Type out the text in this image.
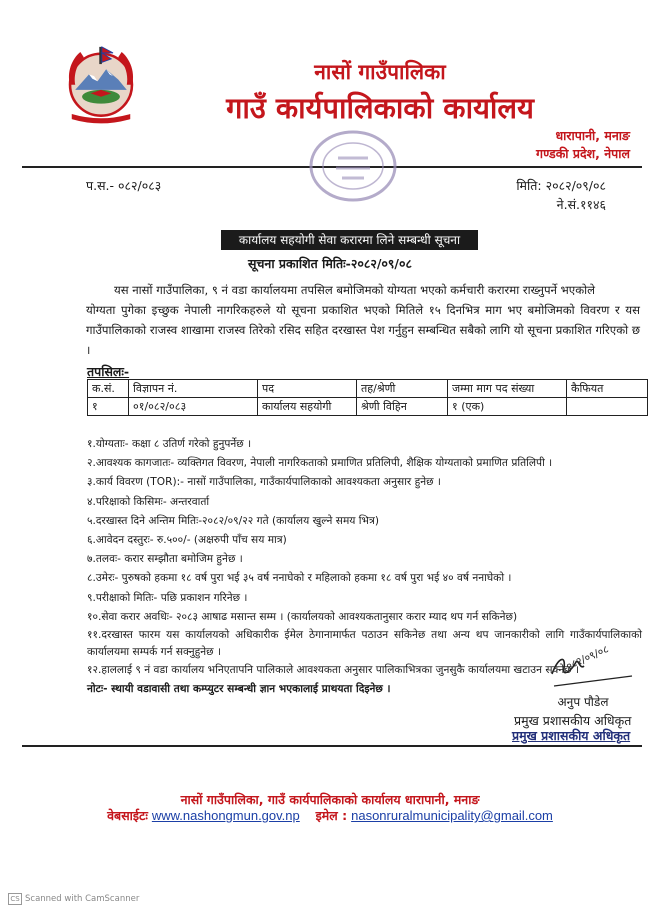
नासों गाउँपालिका
गाउँ कार्यपालिकाको कार्यालय
धारापानी, मनाङ
गण्डकी प्रदेश, नेपाल
प.स.- ०८२/०८३	मिति: २०८२/०९/०८
ने.सं.११४६
कार्यालय सहयोगी सेवा करारमा लिने सम्बन्धी सूचना
सूचना प्रकाशित मितिः-२०८२/०९/०८
यस नासों गाउँपालिका, ९ नं वडा कार्यालयमा तपसिल बमोजिमको योग्यता भएको कर्मचारी करारमा राख्नुपर्ने भएकोले
योग्यता पुगेका इच्छुक नेपाली नागरिकहरुले यो सूचना प्रकाशित भएको मितिले १५ दिनभित्र माग भए बमोजिमको विवरण र यस गाउँपालिकाको राजस्व शाखामा राजस्व तिरेको रसिद सहित दरखास्त पेश गर्नुहुन सम्बन्धित सबैको लागि यो सूचना प्रकाशित गरिएको छ ।
तपसिलः-
क.सं.	विज्ञापन नं.	पद	तह/श्रेणी	जम्मा माग पद संख्या	कैफियत
१	०१/०८२/०८३	कार्यालय सहयोगी	श्रेणी विहिन	१ (एक)	
१.योग्यताः- कक्षा ८ उतिर्ण गरेको हुनुपर्नेछ ।
२.आवश्यक कागजातः- व्यक्तिगत विवरण, नेपाली नागरिकताको प्रमाणित प्रतिलिपी, शैक्षिक योग्यताको प्रमाणित प्रतिलिपी ।
३.कार्य विवरण (TOR):- नासों गाउँपालिका, गाउँकार्यपालिकाको आवश्यकता अनुसार हुनेछ ।
४.परिक्षाको किसिमः- अन्तरवार्ता
५.दरखास्त दिने अन्तिम मितिः-२०८२/०९/२२ गते (कार्यालय खुल्ने समय भित्र)
६.आवेदन दस्तुरः- रु.५००/- (अक्षरुपी पाँच सय मात्र)
७.तलवः- करार सम्झौता बमोजिम हुनेछ ।
८.उमेरः- पुरुषको हकमा १८ वर्ष पुरा भई ३५ वर्ष ननाघेको र महिलाको हकमा १८ वर्ष पुरा भई ४० वर्ष ननाघेको ।
९.परीक्षाको मितिः- पछि प्रकाशन गरिनेछ ।
१०.सेवा करार अवधिः- २०८३ आषाढ मसान्त सम्म । (कार्यालयको आवश्यकतानुसार करार म्याद थप गर्न सकिनेछ)
११.दरखास्त फारम यस कार्यालयको अधिकारीक ईमेल ठेगानामार्फत पठाउन सकिनेछ तथा अन्य थप जानकारीको लागि गाउँकार्यपालिकाको कार्यालयमा सम्पर्क गर्न सक्नुहुनेछ ।
१२.हाललाई ९ नं वडा कार्यालय भनिएतापनि पालिकाले आवश्यकता अनुसार पालिकाभित्रका जुनसुकै कार्यालयमा खटाउन सक्नेछ ।
नोटः- स्थायी वडावासी तथा कम्प्युटर सम्बन्धी ज्ञान भएकालाई प्राथयता दिइनेछ ।
०८२/०९/०८
अनुप पौडेल
प्रमुख प्रशासकीय अधिकृत
प्रमुख प्रशासकीय अधिकृत
नासों गाउँपालिका, गाउँ कार्यपालिकाको कार्यालय धारापानी, मनाङ
वेबसाईटः www.nashongmun.gov.np इमेल : nasonruralmunicipality@gmail.com
CS Scanned with CamScanner
